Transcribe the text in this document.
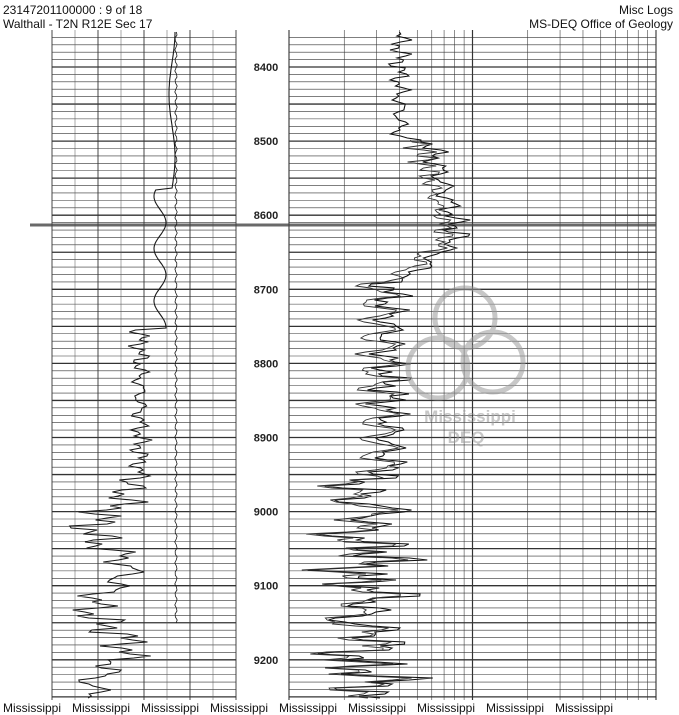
23147201100000 : 9 of 18
Walthall - T2N R12E Sec 17
Misc Logs
MS-DEQ Office of Geology
8400
8500
8600
8700
8800
8900
9000
9100
9200
Mississippi
DEQ
Mississippi Mississippi Mississippi Mississippi Mississippi Mississippi Mississippi Mississippi Mississippi
